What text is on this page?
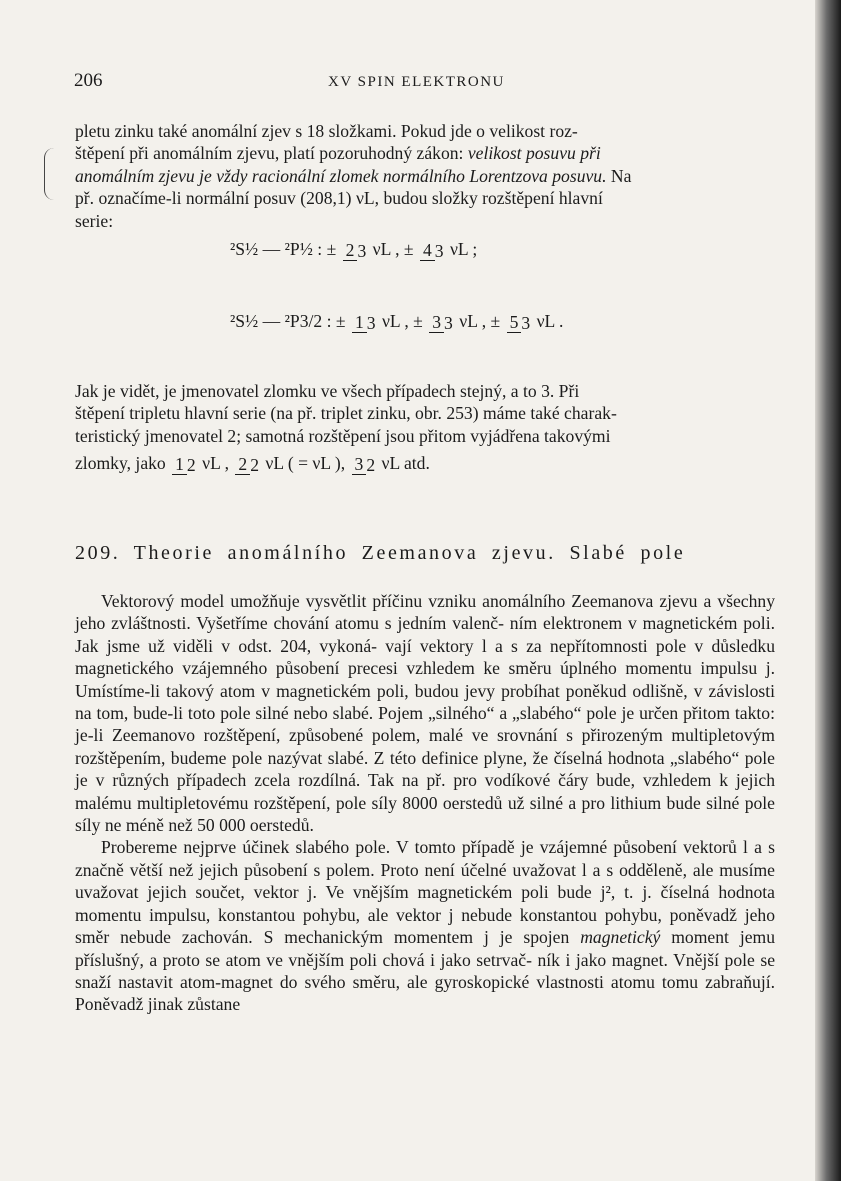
206	XV SPIN ELEKTRONU

pletu zinku také anomální zjev s 18 složkami. Pokud jde o velikost roz-

štěpení při anomálním zjevu, platí pozoruhodný zákon: velikost posuvu při

anomálním zjevu je vždy racionální zlomek normálního Lorentzova posuvu. Na

př. označíme-li normální posuv (208,1) νL, budou složky rozštěpení hlavní

serie:

²S½ — ²P½ : ± 2 3 νL , ± 4 3 νL ;
²S½ — ²P3/2 : ± 1 3 νL , ± 3 3 νL , ± 5 3 νL .

Jak je vidět, je jmenovatel zlomku ve všech případech stejný, a to 3. Při

štěpení tripletu hlavní serie (na př. triplet zinku, obr. 253) máme také charak-

teristický jmenovatel 2; samotná rozštěpení jsou přitom vyjádřena takovými

zlomky, jako 1 2 νL , 2 2 νL ( = νL ), 3 2 νL atd.
209. Theorie anomálního Zeemanova zjevu. Slabé pole

Vektorový model umožňuje vysvětlit příčinu vzniku anomálního Zeemanova zjevu a všechny jeho zvláštnosti. Vyšetříme chování atomu s jedním valenč- ním elektronem v magnetickém poli. Jak jsme už viděli v odst. 204, vykoná- vají vektory l a s za nepřítomnosti pole v důsledku magnetického vzájemného působení precesi vzhledem ke směru úplného momentu impulsu j. Umístíme-li takový atom v magnetickém poli, budou jevy probíhat poněkud odlišně, v závislosti na tom, bude-li toto pole silné nebo slabé. Pojem „silného“ a „slabého“ pole je určen přitom takto: je-li Zeemanovo rozštěpení, způsobené polem, malé ve srovnání s přirozeným multipletovým rozštěpením, budeme pole nazývat slabé. Z této definice plyne, že číselná hodnota „slabého“ pole je v různých případech zcela rozdílná. Tak na př. pro vodíkové čáry bude, vzhledem k jejich malému multipletovému rozštěpení, pole síly 8000 oerstedů už silné a pro lithium bude silné pole síly ne méně než 50 000 oerstedů.

Probereme nejprve účinek slabého pole. V tomto případě je vzájemné působení vektorů l a s značně větší než jejich působení s polem. Proto není účelné uvažovat l a s odděleně, ale musíme uvažovat jejich součet, vektor j. Ve vnějším magnetickém poli bude j², t. j. číselná hodnota momentu impulsu, konstantou pohybu, ale vektor j nebude konstantou pohybu, poněvadž jeho směr nebude zachován. S mechanickým momentem j je spojen magnetický moment jemu příslušný, a proto se atom ve vnějším poli chová i jako setrvač- ník i jako magnet. Vnější pole se snaží nastavit atom-magnet do svého směru, ale gyroskopické vlastnosti atomu tomu zabraňují. Poněvadž jinak zůstane
